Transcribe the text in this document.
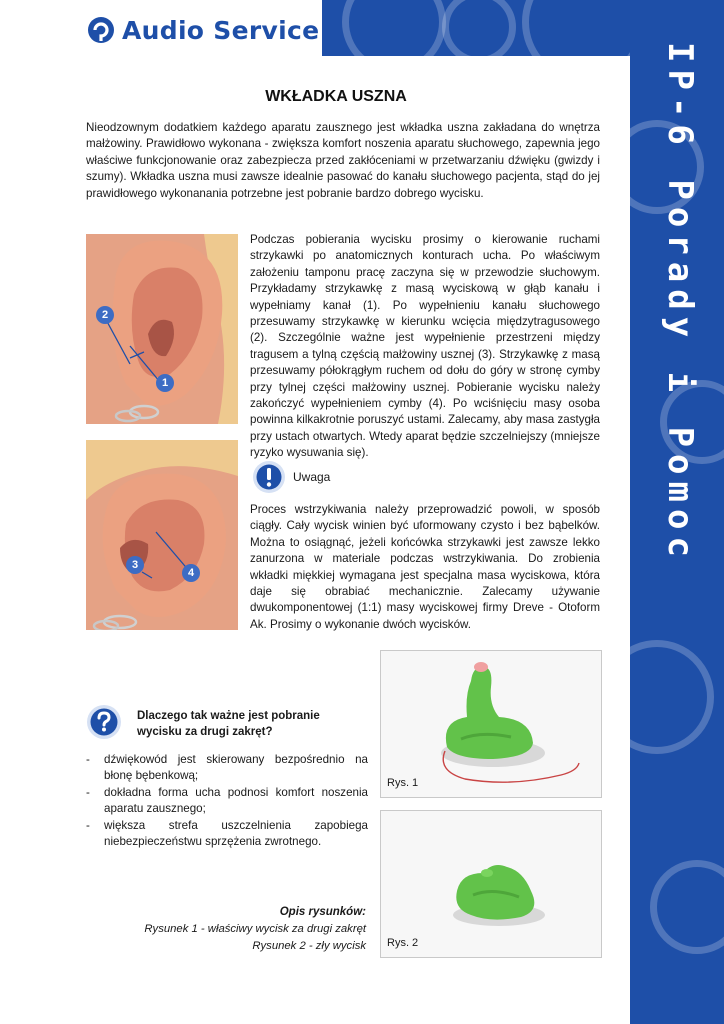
Audio Service
IP-6 Porady i Pomoc
WKŁADKA USZNA
Nieodzownym dodatkiem każdego aparatu zausznego jest wkładka uszna zakładana do wnętrza małżowiny. Prawidłowo wykonana - zwiększa komfort noszenia aparatu słuchowego, zapewnia jego właściwe funkcjonowanie oraz zabezpiecza przed zakłóceniami w przetwarzaniu dźwięku (gwizdy i szumy). Wkładka uszna musi zawsze idealnie pasować do kanału słuchowego pacjenta, stąd do jej prawidłowego wykonanania potrzebne jest pobranie bardzo dobrego wycisku.
2
1
3
4
Podczas pobierania wycisku prosimy o kierowanie ruchami strzykawki po anatomicznych konturach ucha. Po właściwym założeniu tamponu pracę zaczyna się w przewodzie słuchowym. Przykładamy strzykawkę z masą wyciskową w głąb kanału i wypełniamy kanał (1). Po wypełnieniu kanału słuchowego przesuwamy strzykawkę w kierunku wcięcia międzytragusowego (2). Szczególnie ważne jest wypełnienie przestrzeni między tragusem a tylną częścią małżowiny usznej (3). Strzykawkę z masą przesuwamy półokrągłym ruchem od dołu do góry w stronę cymby przy tylnej części małżowiny usznej. Pobieranie wycisku należy zakończyć wypełnieniem cymby (4). Po wciśnięciu masy osoba powinna kilkakrotnie poruszyć ustami. Zalecamy, aby masa zastygła przy ustach otwartych. Wtedy aparat będzie szczelniejszy (mniejsze ryzyko wysuwania się).
Uwaga
Proces wstrzykiwania należy przeprowadzić powoli, w sposób ciągły. Cały wycisk winien być uformowany czysto i bez bąbelków. Można to osiągnąć, jeżeli końcówka strzykawki jest zawsze lekko zanurzona w materiale podczas wstrzykiwania. Do zrobienia wkładki miękkiej wymagana jest specjalna masa wyciskowa, która daje się obrabiać mechanicznie. Zalecamy używanie dwukomponentowej (1:1) masy wyciskowej firmy Dreve - Otoform Ak. Prosimy o wykonanie dwóch wycisków.
Dlaczego tak ważne jest pobranie wycisku za drugi zakręt?
- dźwiękowód jest skierowany bezpośrednio na błonę bębenkową;
- dokładna forma ucha podnosi komfort noszenia aparatu zausznego;
- większa strefa uszczelnienia zapobiega niebezpieczeństwu sprzężenia zwrotnego.
Opis rysunków:
Rysunek 1 - właściwy wycisk za drugi zakręt
Rysunek 2 - zły wycisk
Rys. 1
Rys. 2
